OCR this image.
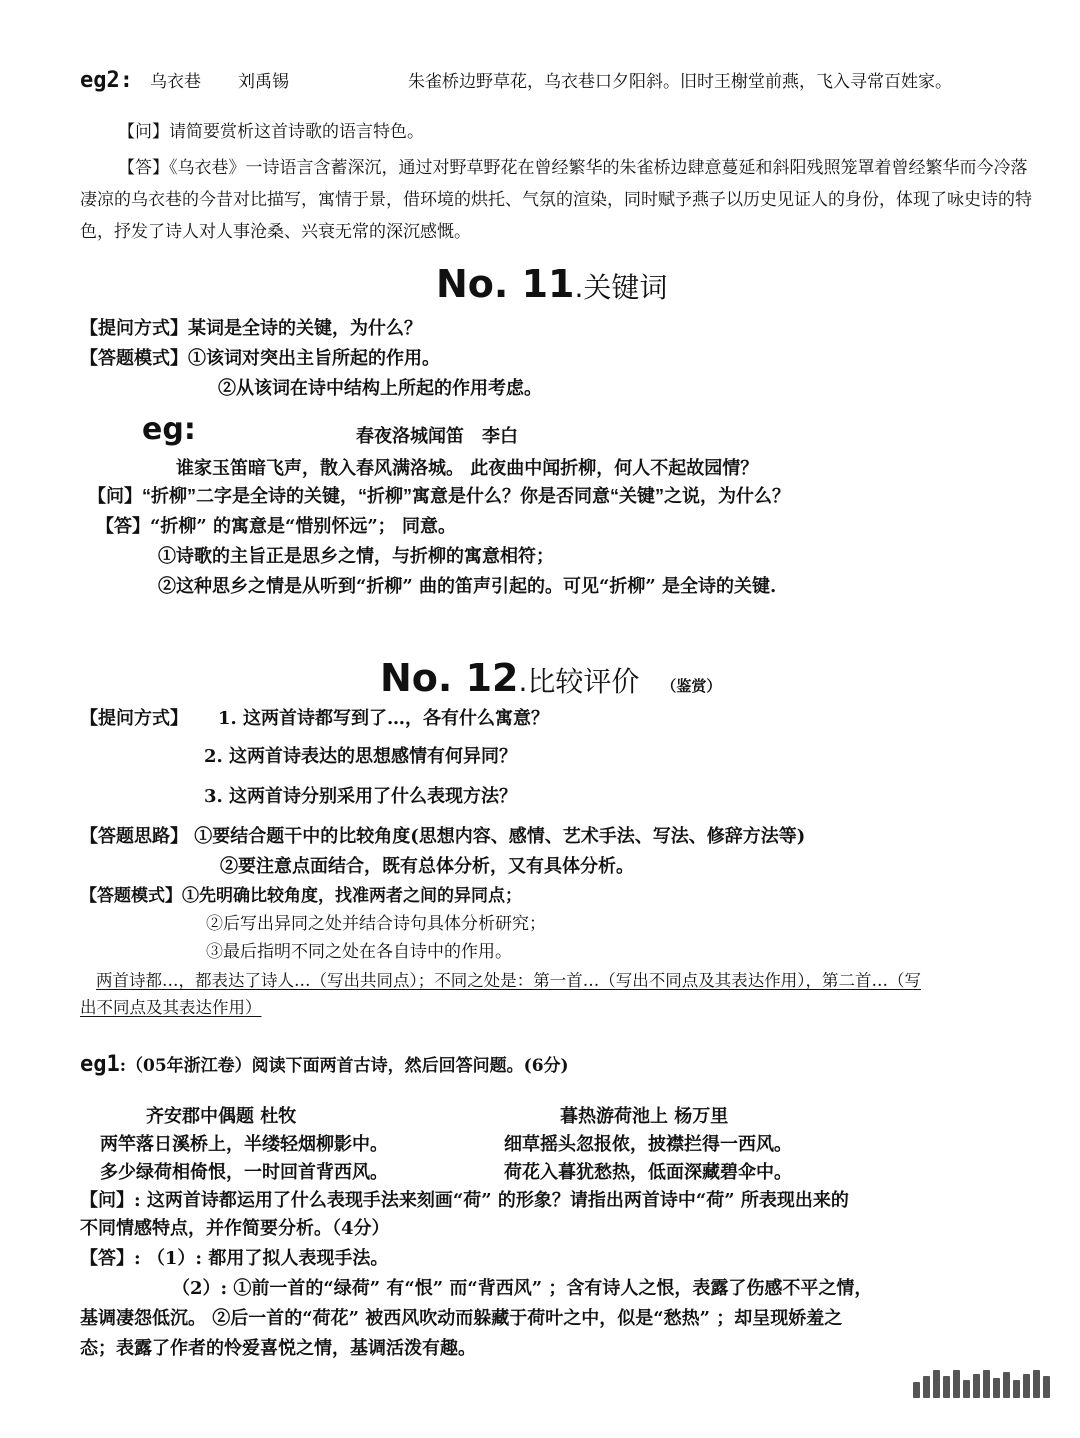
eg2: 乌衣巷 刘禹锡	朱雀桥边野草花，乌衣巷口夕阳斜。旧时王榭堂前燕，飞入寻常百姓家。
【问】请简要赏析这首诗歌的语言特色。
【答】《乌衣巷》一诗语言含蓄深沉，通过对野草野花在曾经繁华的朱雀桥边肆意蔓延和斜阳残照笼罩着曾经繁华而今冷落凄凉的乌衣巷的今昔对比描写，寓情于景，借环境的烘托、气氛的渲染，同时赋予燕子以历史见证人的身份，体现了咏史诗的特色，抒发了诗人对人事沧桑、兴衰无常的深沉感慨。
No. 11.关键词
【提问方式】某词是全诗的关键，为什么？
【答题模式】①该词对突出主旨所起的作用。
②从该词在诗中结构上所起的作用考虑。
eg:	春夜洛城闻笛　李白
谁家玉笛暗飞声，散入春风满洛城。 此夜曲中闻折柳，何人不起故园情？
【问】“折柳”二字是全诗的关键，“折柳”寓意是什么？你是否同意“关键”之说，为什么？
【答】“折柳” 的寓意是“惜别怀远”； 同意。
①诗歌的主旨正是思乡之情，与折柳的寓意相符；
②这种思乡之情是从听到“折柳” 曲的笛声引起的。可见“折柳” 是全诗的关键.
No. 12.比较评价 （鉴赏）
【提问方式】 1. 这两首诗都写到了…，各有什么寓意？
2. 这两首诗表达的思想感情有何异同？
3. 这两首诗分别采用了什么表现方法？
【答题思路】 ①要结合题干中的比较角度(思想内容、感情、艺术手法、写法、修辞方法等)
②要注意点面结合，既有总体分析，又有具体分析。
【答题模式】①先明确比较角度，找准两者之间的异同点；
②后写出异同之处并结合诗句具体分析研究；
③最后指明不同之处在各自诗中的作用。
两首诗都…，都表达了诗人…（写出共同点）；不同之处是：第一首…（写出不同点及其表达作用），第二首…（写
出不同点及其表达作用）
eg1:（05年浙江卷）阅读下面两首古诗，然后回答问题。(6分)
齐安郡中偶题 杜牧	暮热游荷池上 杨万里
两竿落日溪桥上，半缕轻烟柳影中。	细草摇头忽报侬，披襟拦得一西风。
多少绿荷相倚恨，一时回首背西风。	荷花入暮犹愁热，低面深藏碧伞中。
【问】: 这两首诗都运用了什么表现手法来刻画“荷” 的形象？请指出两首诗中“荷” 所表现出来的
不同情感特点，并作简要分析。（4分）
【答】: （1）: 都用了拟人表现手法。
（2）: ①前一首的“绿荷” 有“恨” 而“背西风” ；含有诗人之恨，表露了伤感不平之情，
基调凄怨低沉。 ②后一首的“荷花” 被西风吹动而躲藏于荷叶之中，似是“愁热” ；却呈现娇羞之
态；表露了作者的怜爱喜悦之情，基调活泼有趣。
